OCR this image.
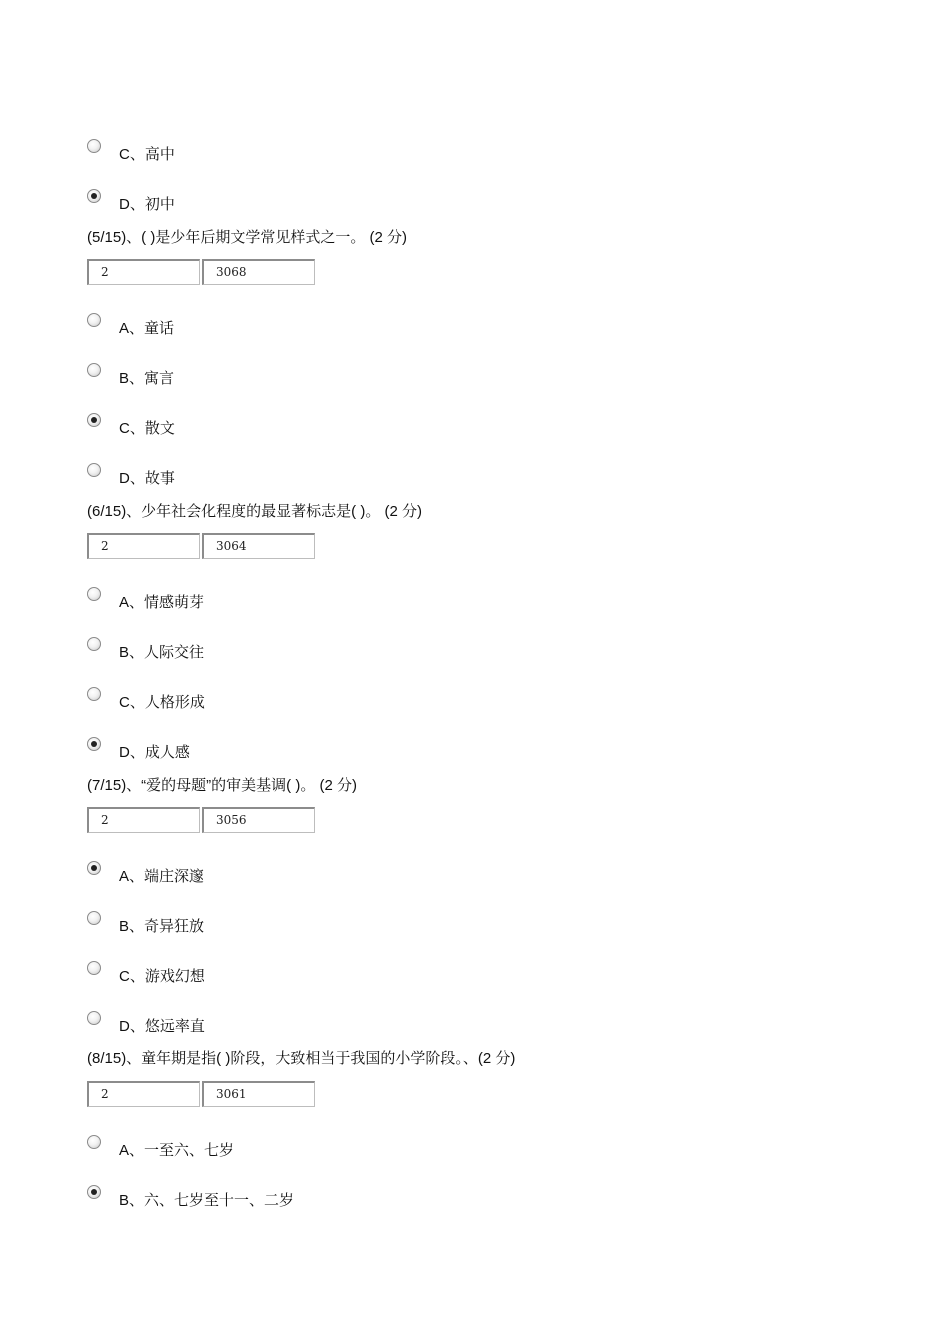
C、高中
D、初中
(5/15)、( )是少年后期文学常见样式之一。 (2 分)
2	3068
A、童话
B、寓言
C、散文
D、故事
(6/15)、少年社会化程度的最显著标志是( )。 (2 分)
2	3064
A、情感萌芽
B、人际交往
C、人格形成
D、成人感
(7/15)、“爱的母题”的审美基调( )。 (2 分)
2	3056
A、端庄深邃
B、奇异狂放
C、游戏幻想
D、悠远率直
(8/15)、童年期是指( )阶段，大致相当于我国的小学阶段。、(2 分)
2	3061
A、一至六、七岁
B、六、七岁至十一、二岁
